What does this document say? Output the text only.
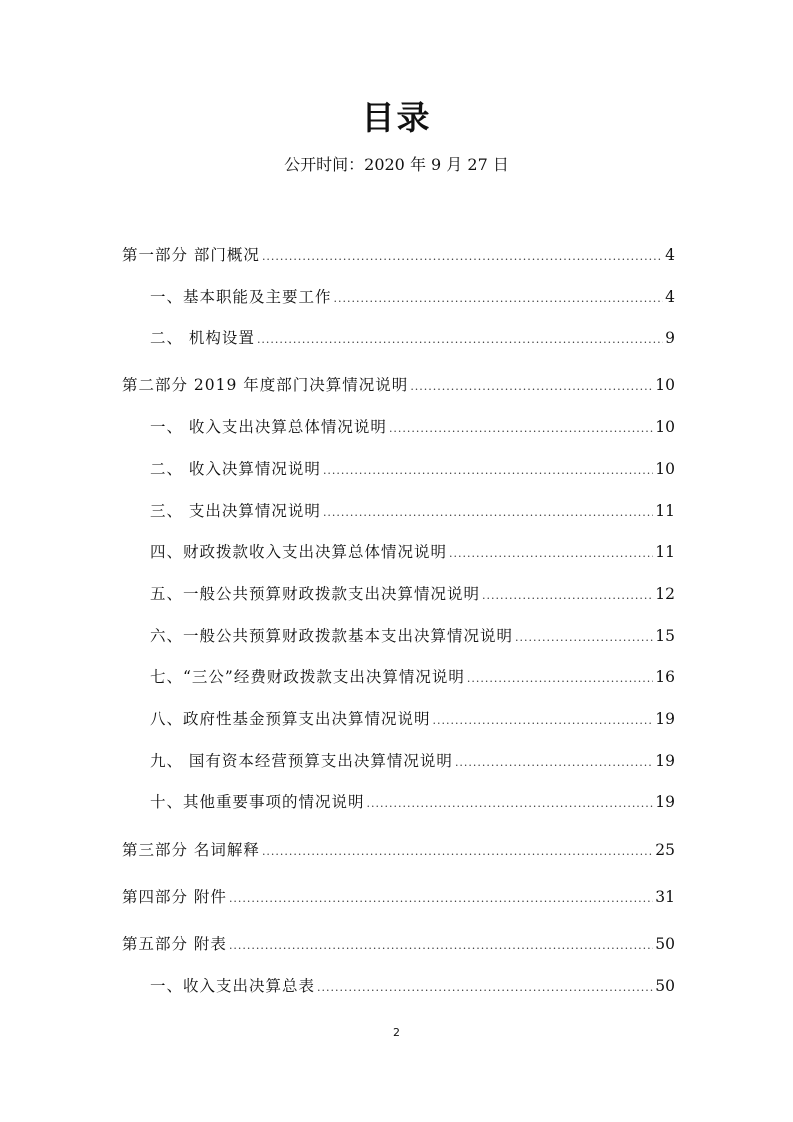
目录
公开时间：2020 年 9 月 27 日
第一部分 部门概况 .....	4
一、基本职能及主要工作 .....	4
二、 机构设置 .....	9
第二部分 2019 年度部门决算情况说明 .....	10
一、 收入支出决算总体情况说明 .....	10
二、 收入决算情况说明 .....	10
三、 支出决算情况说明 .....	11
四、财政拨款收入支出决算总体情况说明 .....	11
五、一般公共预算财政拨款支出决算情况说明 .....	12
六、一般公共预算财政拨款基本支出决算情况说明 .....	15
七、“三公”经费财政拨款支出决算情况说明 .....	16
八、政府性基金预算支出决算情况说明 .....	19
九、 国有资本经营预算支出决算情况说明 .....	19
十、其他重要事项的情况说明 .....	19
第三部分 名词解释 .....	25
第四部分 附件 .....	31
第五部分 附表 .....	50
一、收入支出决算总表 .....	50
2
